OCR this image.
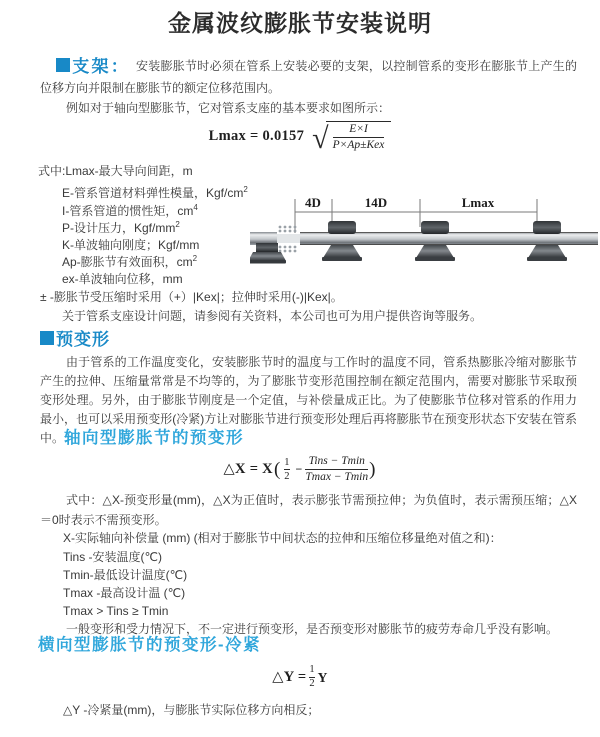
金属波纹膨胀节安装说明

支架： 安装膨胀节时必须在管系上安装必要的支架，以控制管系的变形在膨胀节上产生的位移方向并限制在膨胀节的额定位移范围内。

例如对于轴向型膨胀节，它对管系支座的基本要求如图所示：

Lmax = 0.0157 √ E×I
P×Ap±Kex

式中:Lmax-最大导向间距，m

E-管系管道材料弹性模量，Kgf/$cm^2$

I-管系管道的惯性矩，$cm^4$

P-设计压力，Kgf/$mm^2$

K-单波轴向刚度；Kgf/mm

Ap-膨胀节有效面积，$cm^2$

ex-单波轴向位移，mm

± -膨胀节受压缩时采用（+）|Kex|；拉伸时采用(-)|Kex|。

关于管系支座设计问题，请参阅有关资料，本公司也可为用户提供咨询等服务。

4D	14D	Lmax

预变形

由于管系的工作温度变化，安装膨胀节时的温度与工作时的温度不同，管系热膨胀冷缩对膨胀节产生的拉伸、压缩量常常是不均等的，为了膨胀节变形范围控制在额定范围内，需要对膨胀节采取预变形处理。另外，由于膨胀节刚度是一个定值，与补偿量成正比。为了使膨胀节位移对管系的作用力最小，也可以采用预变形(冷紧)方让对膨胀节进行预变形处理后再将膨胀节在预变形状态下安装在管系中。 轴向型膨胀节的预变形
△X = X ( $\frac{1}{2}$ −
Tins − Tmin
Tmax − Tmin )

式中：△X-预变形量(mm)，△X为正值时，表示膨张节需预拉伸；为负值时，表示需预压缩；△X＝0时表示不需预变形。

X-实际轴向补偿量 (mm) (相对于膨胀节中间状态的拉伸和压缩位移量绝对值之和)：

Tins -安装温度(℃)

Tmin-最低设计温度(℃)

Tmax -最高设计温 (℃)

Tmax > Tins ≥ Tmin

一般变形和受力情况下，不一定进行预变形，是否预变形对膨胀节的疲劳寿命几乎没有影响。

横向型膨胀节的预变形-冷紧
△Y = $\frac{1}{2}$ Y

△Y -冷紧量(mm)，与膨胀节实际位移方向相反；
